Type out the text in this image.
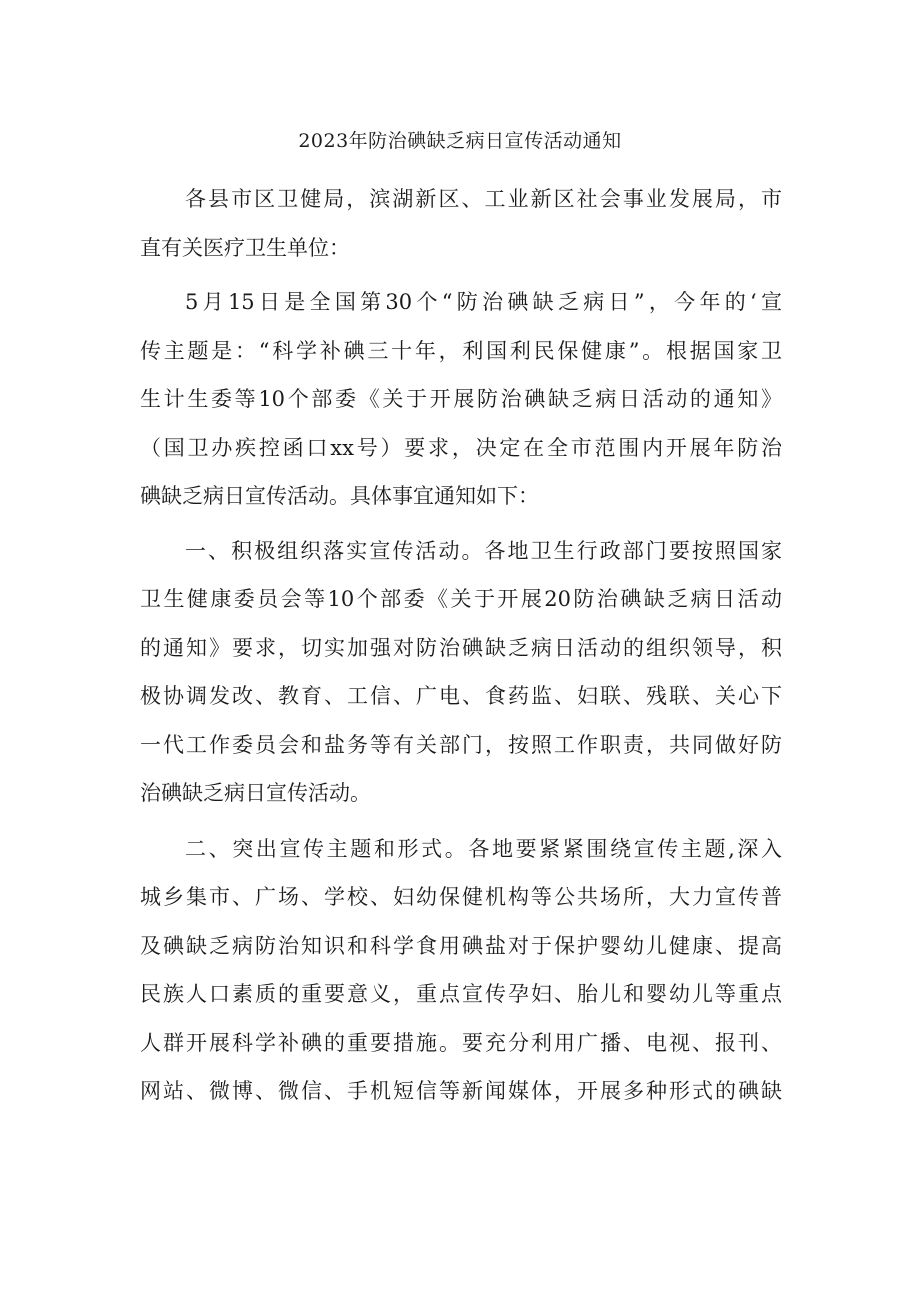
2023年防治碘缺乏病日宣传活动通知
各县市区卫健局，滨湖新区、工业新区社会事业发展局，市
直有关医疗卫生单位：
5月15日是全国第30个“防治碘缺乏病日”，今年的‘宣
传主题是：“科学补碘三十年，利国利民保健康”。根据国家卫
生计生委等10个部委《关于开展防治碘缺乏病日活动的通知》
（国卫办疾控函口xx号）要求，决定在全市范围内开展年防治
碘缺乏病日宣传活动。具体事宜通知如下：
一、积极组织落实宣传活动。各地卫生行政部门要按照国家
卫生健康委员会等10个部委《关于开展20防治碘缺乏病日活动
的通知》要求，切实加强对防治碘缺乏病日活动的组织领导，积
极协调发改、教育、工信、广电、食药监、妇联、残联、关心下
一代工作委员会和盐务等有关部门，按照工作职责，共同做好防
治碘缺乏病日宣传活动。
二、突出宣传主题和形式。各地要紧紧围绕宣传主题,深入
城乡集市、广场、学校、妇幼保健机构等公共场所，大力宣传普
及碘缺乏病防治知识和科学食用碘盐对于保护婴幼儿健康、提高
民族人口素质的重要意义，重点宣传孕妇、胎儿和婴幼儿等重点
人群开展科学补碘的重要措施。要充分利用广播、电视、报刊、
网站、微博、微信、手机短信等新闻媒体，开展多种形式的碘缺
